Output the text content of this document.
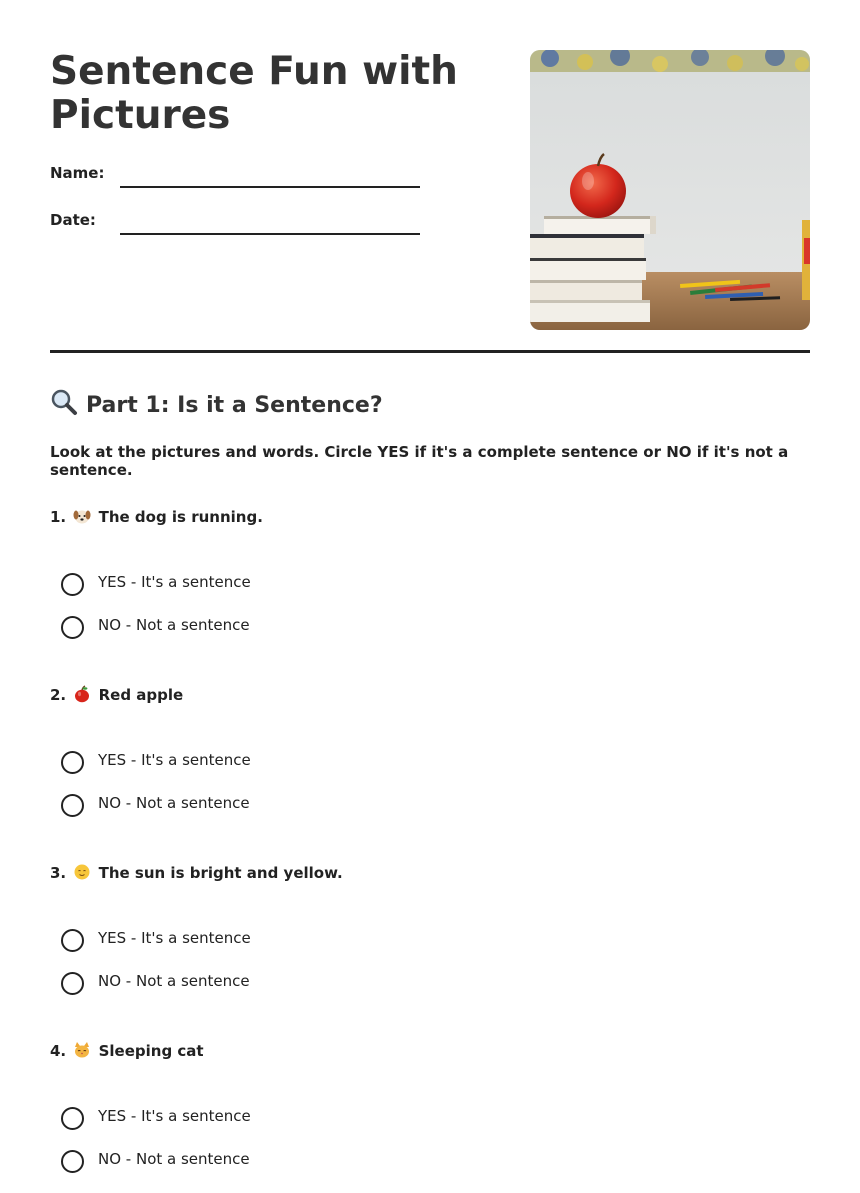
Sentence Fun with Pictures
Name:
Date:
Part 1: Is it a Sentence?

Look at the pictures and words. Circle YES if it's a complete sentence or NO if it's not a sentence.

1. The dog is running.
YES - It's a sentence
NO - Not a sentence
2. Red apple
YES - It's a sentence
NO - Not a sentence
3. The sun is bright and yellow.
YES - It's a sentence
NO - Not a sentence
4. Sleeping cat
YES - It's a sentence
NO - Not a sentence
